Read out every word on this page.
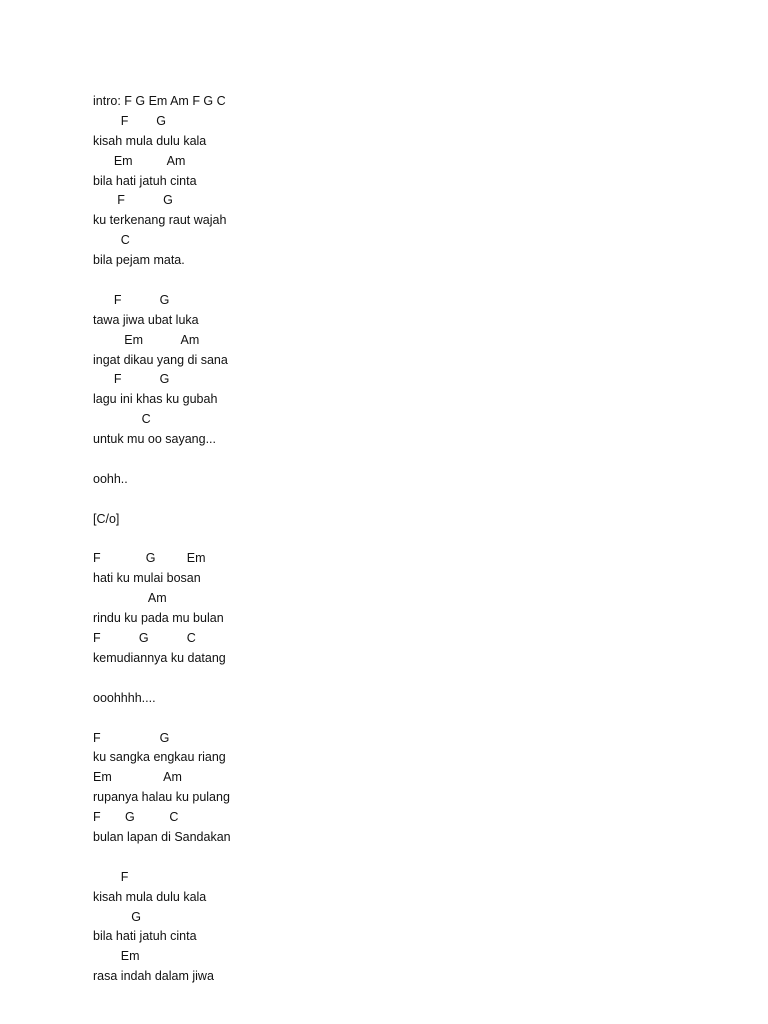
intro: F G Em Am F G C
F        G
kisah mula dulu kala
Em          Am
bila hati jatuh cinta
F           G
ku terkenang raut wajah
C
bila pejam mata.
F           G
tawa jiwa ubat luka
Em           Am
ingat dikau yang di sana
F           G
lagu ini khas ku gubah
C
untuk mu oo sayang...
oohh..
[C/o]
F             G         Em
hati ku mulai bosan
Am
rindu ku pada mu bulan
F           G           C
kemudiannya ku datang
ooohhhh....
F                 G
ku sangka engkau riang
Em               Am
rupanya halau ku pulang
F       G          C
bulan lapan di Sandakan
F
kisah mula dulu kala
G
bila hati jatuh cinta
Em
rasa indah dalam jiwa
